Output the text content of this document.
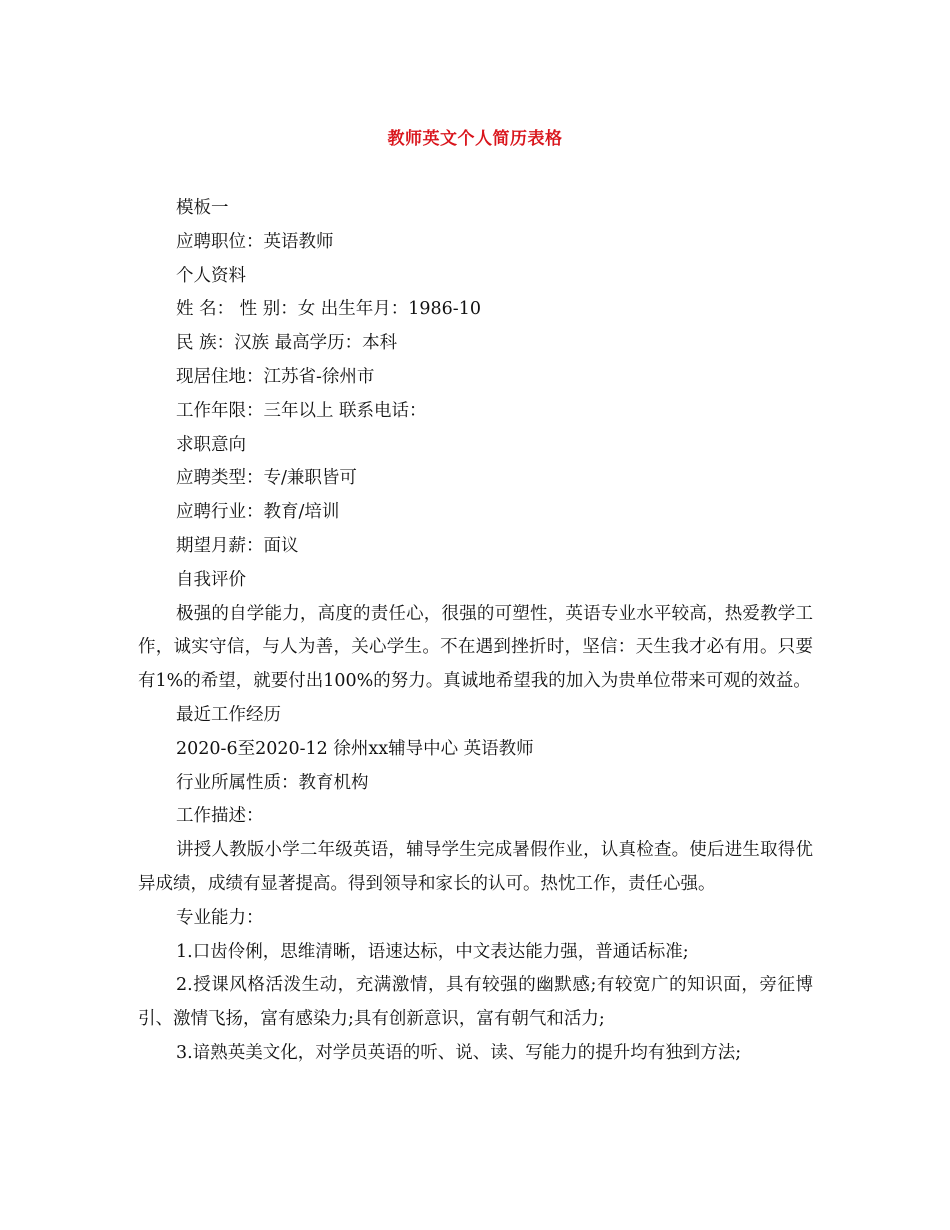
教师英文个人简历表格

模板一

应聘职位：英语教师

个人资料

姓 名： 性 别：女 出生年月：1986-10

民 族：汉族 最高学历：本科

现居住地：江苏省-徐州市

工作年限：三年以上 联系电话：

求职意向

应聘类型：专/兼职皆可

应聘行业：教育/培训

期望月薪：面议

自我评价

极强的自学能力，高度的责任心，很强的可塑性，英语专业水平较高，热爱教学工作，诚实守信，与人为善，关心学生。不在遇到挫折时，坚信：天生我才必有用。只要有1%的希望，就要付出100%的努力。真诚地希望我的加入为贵单位带来可观的效益。

最近工作经历

2020-6至2020-12 徐州xx辅导中心 英语教师

行业所属性质：教育机构

工作描述：

讲授人教版小学二年级英语，辅导学生完成暑假作业，认真检查。使后进生取得优异成绩，成绩有显著提高。得到领导和家长的认可。热忱工作，责任心强。

专业能力：

1.口齿伶俐，思维清晰，语速达标，中文表达能力强，普通话标准;

2.授课风格活泼生动，充满激情，具有较强的幽默感;有较宽广的知识面，旁征博引、激情飞扬，富有感染力;具有创新意识，富有朝气和活力;

3.谙熟英美文化，对学员英语的听、说、读、写能力的提升均有独到方法;
